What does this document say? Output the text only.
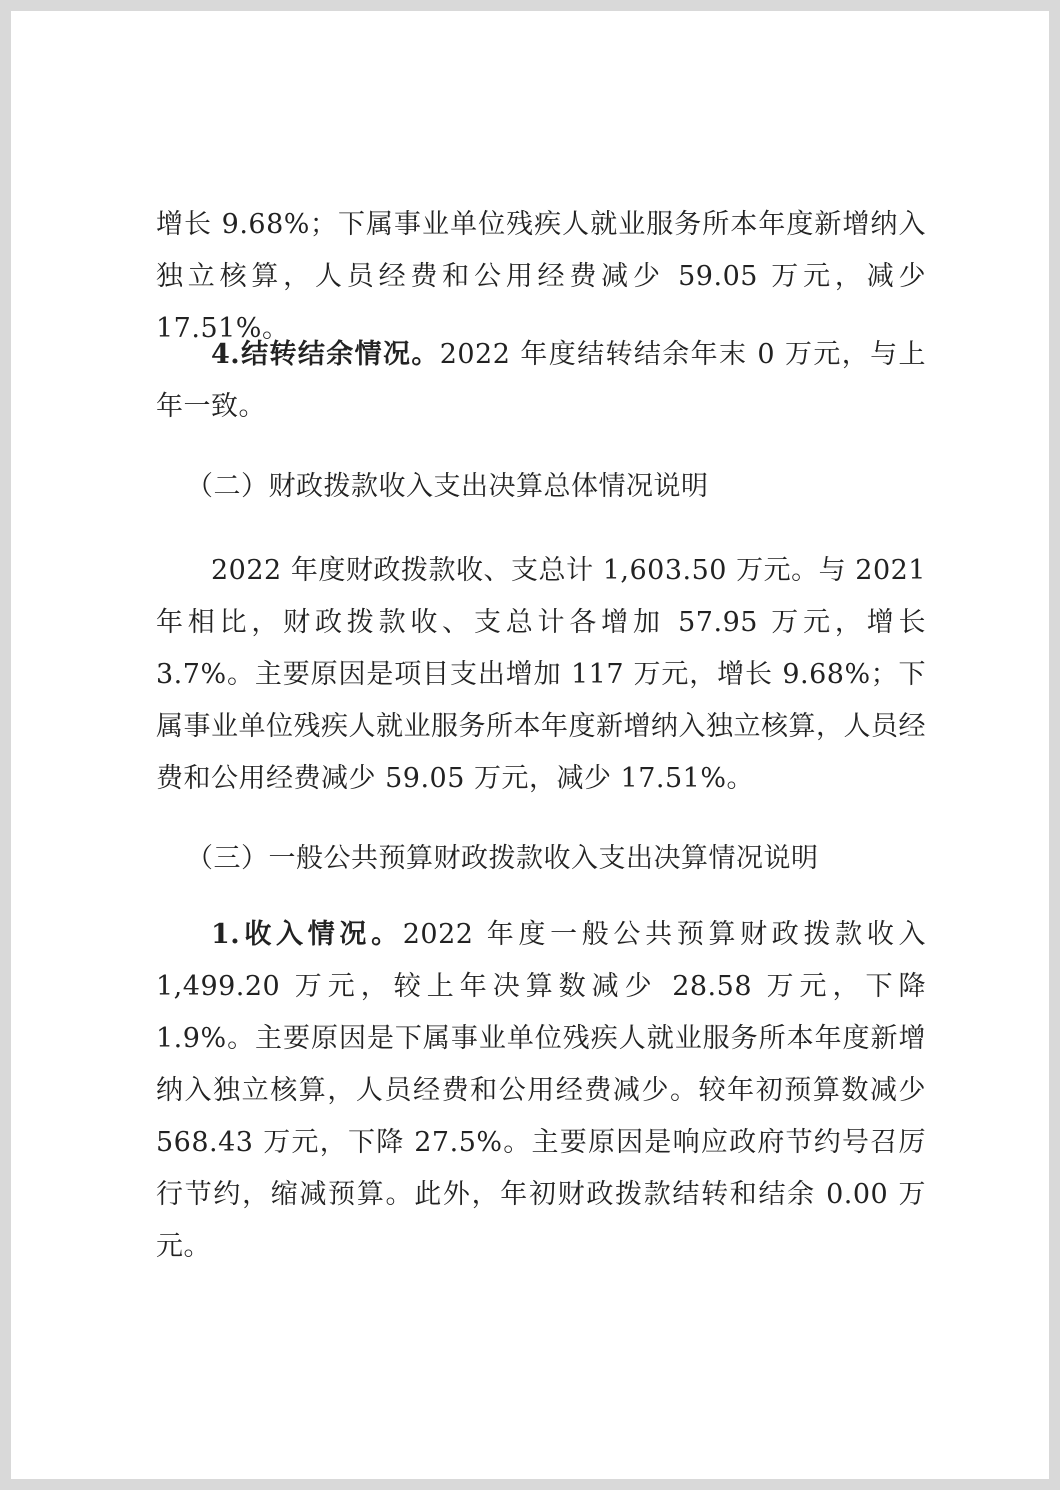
增长 9.68%；下属事业单位残疾人就业服务所本年度新增纳入独立核算，人员经费和公用经费减少 59.05 万元，减少 17.51%。

4.结转结余情况。2022 年度结转结余年末 0 万元，与上年一致。

（二）财政拨款收入支出决算总体情况说明

2022 年度财政拨款收、支总计 1,603.50 万元。与 2021 年相比，财政拨款收、支总计各增加 57.95 万元，增长 3.7%。主要原因是项目支出增加 117 万元，增长 9.68%；下属事业单位残疾人就业服务所本年度新增纳入独立核算，人员经费和公用经费减少 59.05 万元，减少 17.51%。

（三）一般公共预算财政拨款收入支出决算情况说明

1.收入情况。2022 年度一般公共预算财政拨款收入 1,499.20 万元，较上年决算数减少 28.58 万元，下降 1.9%。主要原因是下属事业单位残疾人就业服务所本年度新增纳入独立核算，人员经费和公用经费减少。较年初预算数减少 568.43 万元，下降 27.5%。主要原因是响应政府节约号召厉行节约，缩减预算。此外，年初财政拨款结转和结余 0.00 万元。
